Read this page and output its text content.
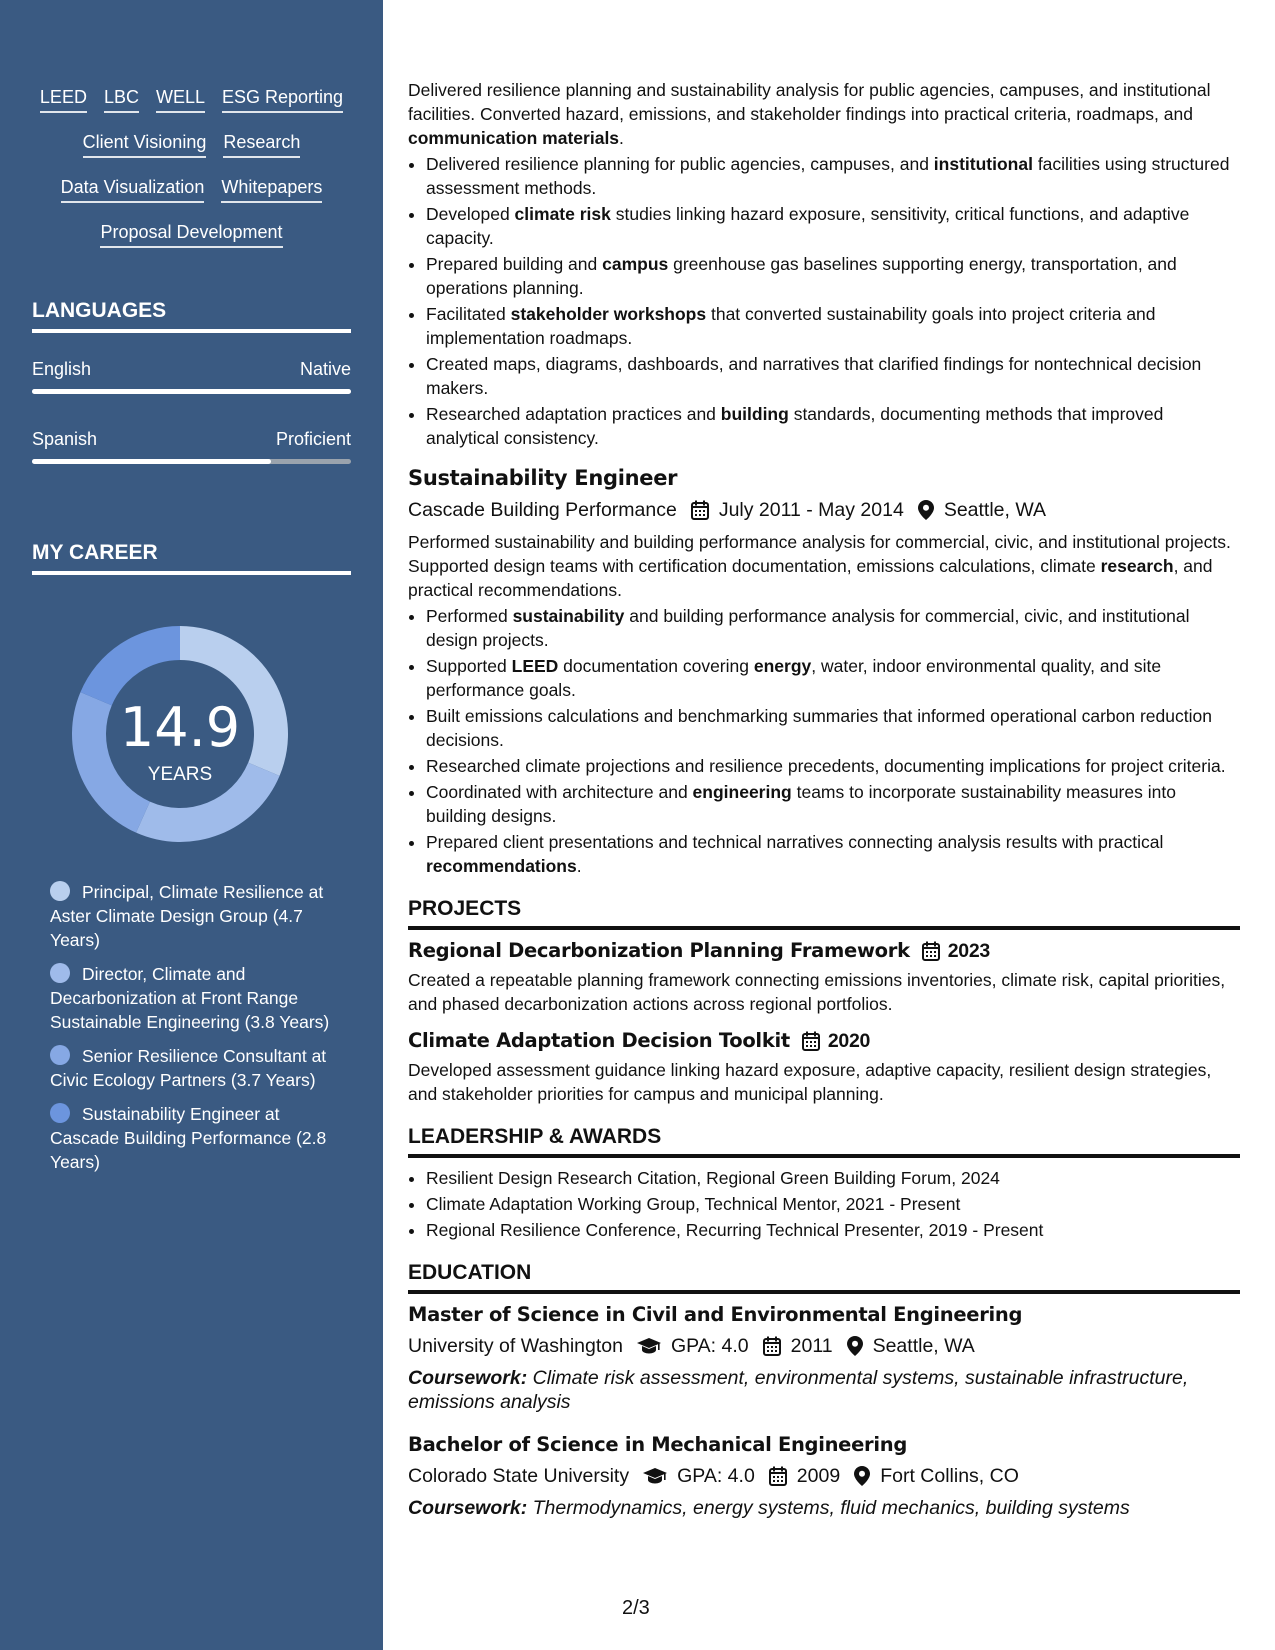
LEED LBC WELL ESG Reporting
Client Visioning Research
Data Visualization Whitepapers
Proposal Development
LANGUAGES
English	Native
Spanish	Proficient
MY CAREER
14.9
YEARS
Principal, Climate Resilience at Aster Climate Design Group (4.7 Years)
Director, Climate and Decarbonization at Front Range Sustainable Engineering (3.8 Years)
Senior Resilience Consultant at Civic Ecology Partners (3.7 Years)
Sustainability Engineer at Cascade Building Performance (2.8 Years)

Delivered resilience planning and sustainability analysis for public agencies, campuses, and institutional facilities. Converted hazard, emissions, and stakeholder findings into practical criteria, roadmaps, and communication materials.

• Delivered resilience planning for public agencies, campuses, and institutional facilities using structured assessment methods.
• Developed climate risk studies linking hazard exposure, sensitivity, critical functions, and adaptive capacity.
• Prepared building and campus greenhouse gas baselines supporting energy, transportation, and operations planning.
• Facilitated stakeholder workshops that converted sustainability goals into project criteria and implementation roadmaps.
• Created maps, diagrams, dashboards, and narratives that clarified findings for nontechnical decision makers.
• Researched adaptation practices and building standards, documenting methods that improved analytical consistency.
Sustainability Engineer
Cascade Building Performance July 2011 - May 2014 Seattle, WA

Performed sustainability and building performance analysis for commercial, civic, and institutional projects. Supported design teams with certification documentation, emissions calculations, climate research, and practical recommendations.

• Performed sustainability and building performance analysis for commercial, civic, and institutional design projects.
• Supported LEED documentation covering energy, water, indoor environmental quality, and site performance goals.
• Built emissions calculations and benchmarking summaries that informed operational carbon reduction decisions.
• Researched climate projections and resilience precedents, documenting implications for project criteria.
• Coordinated with architecture and engineering teams to incorporate sustainability measures into building designs.
• Prepared client presentations and technical narratives connecting analysis results with practical recommendations.
PROJECTS
Regional Decarbonization Planning Framework 2023

Created a repeatable planning framework connecting emissions inventories, climate risk, capital priorities, and phased decarbonization actions across regional portfolios.

Climate Adaptation Decision Toolkit 2020

Developed assessment guidance linking hazard exposure, adaptive capacity, resilient design strategies, and stakeholder priorities for campus and municipal planning.

LEADERSHIP & AWARDS
• Resilient Design Research Citation, Regional Green Building Forum, 2024
• Climate Adaptation Working Group, Technical Mentor, 2021 - Present
• Regional Resilience Conference, Recurring Technical Presenter, 2019 - Present
EDUCATION
Master of Science in Civil and Environmental Engineering
University of Washington GPA: 4.0 2011 Seattle, WA

Coursework: Climate risk assessment, environmental systems, sustainable infrastructure, emissions analysis

Bachelor of Science in Mechanical Engineering
Colorado State University GPA: 4.0 2009 Fort Collins, CO

Coursework: Thermodynamics, energy systems, fluid mechanics, building systems

2/3
